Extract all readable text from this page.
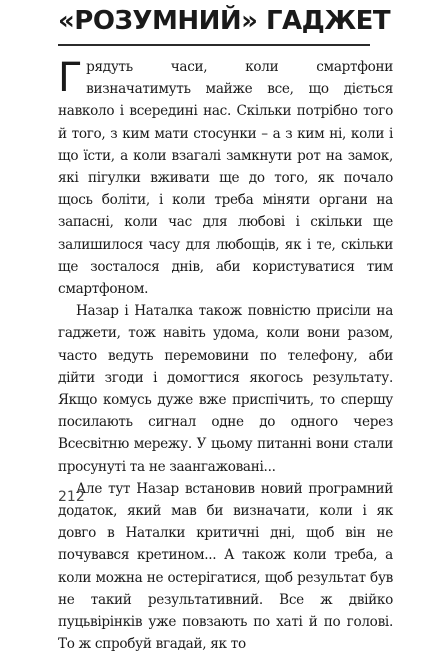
«РОЗУМНИЙ» ГАДЖЕТ

Грядуть часи, коли смартфони визначатимуть майже все, що діється навколо і всередині нас. Скільки потрібно того й того, з ким мати стосунки – а з ким ні, коли і що їсти, а коли взагалі замкнути рот на замок, які пігулки вживати ще до того, як почало щось боліти, і коли треба міняти органи на запасні, коли час для любові і скільки ще залишилося часу для любощів, як і те, скільки ще зосталося днів, аби користуватися тим смартфоном.

Назар і Наталка також повністю присіли на гаджети, тож навіть удома, коли вони разом, часто ведуть перемовини по телефону, аби дійти згоди і домогтися якогось результату. Якщо комусь дуже вже приспічить, то спершу посилають сигнал одне до одного через Всесвітню мережу. У цьому питанні вони стали просунуті та не заангажовані...

Але тут Назар встановив новий програмний додаток, який мав би визначати, коли і як довго в Наталки критичні дні, щоб він не почувався кретином... А також коли треба, а коли можна не остерігатися, щоб результат був не такий результативний. Все ж двійко пуцьвірінків уже повзають по хаті й по голові. То ж спробуй вгадай, як то

212
